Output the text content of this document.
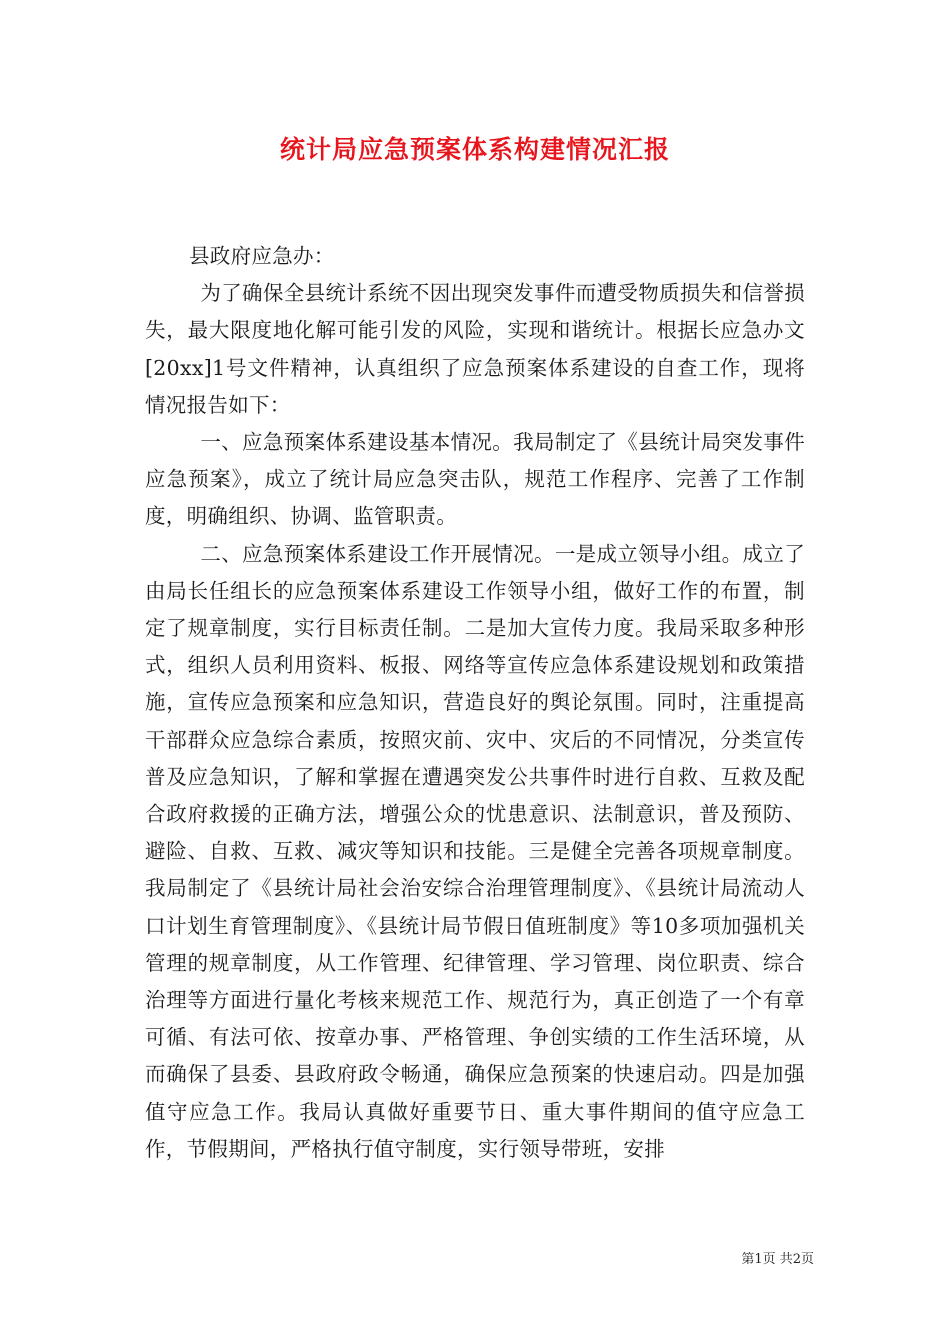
统计局应急预案体系构建情况汇报

县政府应急办：

为了确保全县统计系统不因出现突发事件而遭受物质损失和信誉损失，最大限度地化解可能引发的风险，实现和谐统计。根据长应急办文[20xx]1号文件精神，认真组织了应急预案体系建设的自查工作，现将情况报告如下：

一、应急预案体系建设基本情况。我局制定了《县统计局突发事件应急预案》，成立了统计局应急突击队，规范工作程序、完善了工作制度，明确组织、协调、监管职责。

二、应急预案体系建设工作开展情况。一是成立领导小组。成立了由局长任组长的应急预案体系建设工作领导小组，做好工作的布置，制定了规章制度，实行目标责任制。二是加大宣传力度。我局采取多种形式，组织人员利用资料、板报、网络等宣传应急体系建设规划和政策措施，宣传应急预案和应急知识，营造良好的舆论氛围。同时，注重提高干部群众应急综合素质，按照灾前、灾中、灾后的不同情况，分类宣传普及应急知识，了解和掌握在遭遇突发公共事件时进行自救、互救及配合政府救援的正确方法，增强公众的忧患意识、法制意识，普及预防、避险、自救、互救、减灾等知识和技能。三是健全完善各项规章制度。我局制定了《县统计局社会治安综合治理管理制度》、《县统计局流动人口计划生育管理制度》、《县统计局节假日值班制度》等10多项加强机关管理的规章制度，从工作管理、纪律管理、学习管理、岗位职责、综合治理等方面进行量化考核来规范工作、规范行为，真正创造了一个有章可循、有法可依、按章办事、严格管理、争创实绩的工作生活环境，从而确保了县委、县政府政令畅通，确保应急预案的快速启动。四是加强值守应急工作。我局认真做好重要节日、重大事件期间的值守应急工作，节假期间，严格执行值守制度，实行领导带班，安排

第1页 共2页
